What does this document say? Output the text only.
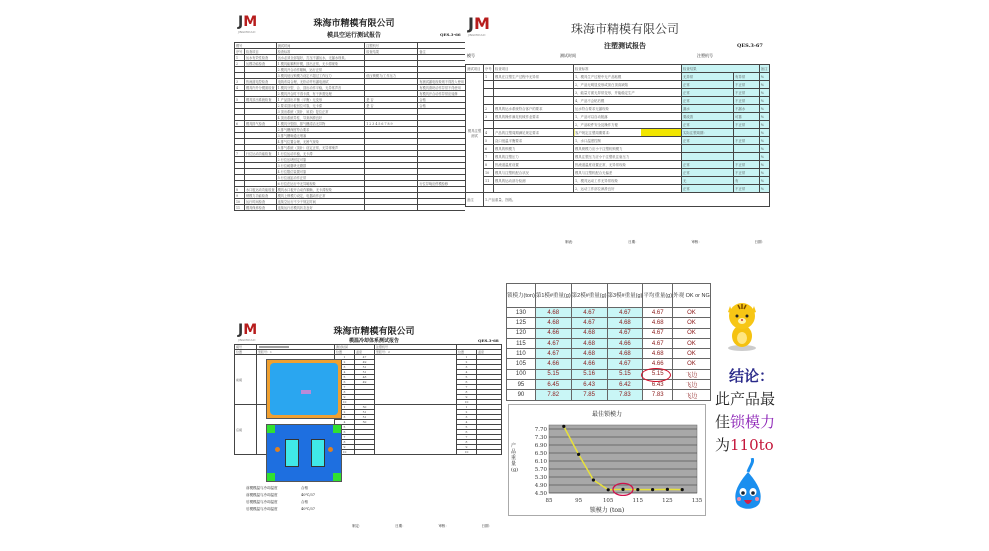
JM
JINGMOULD
珠海市精模有限公司
模具空运行测试报告	QES.3-66
模号		测试时间	注塑机号	
序号	检查项目	检查标准	检查结果	备注
1	运水有效性检查	运水必须全部接好，打压不漏运水，无漏水现象。		
2	运模功能检查	1 模具能顺利开模，顶出正常，无卡滞现象		
		2 模具开合动作顺畅，运行正常		
		3 模具低压锁模力设定不超过工作压力	低压锁模力/工作压力	
3	热流道电控检查	电线布局合理，无松动并有漏电测试		有测试漏电现象则不得投入使用
4	模具内外分模面检查	1 模具分型、合、顶出动作平稳，无异常声音		有模具滑块动作异常不得使用
		2 模具开合时不得卡滞，有干涉需处理		有模具开合动作异常应返修
5	模具顶出系统检查	1 产品顶出平衡（平衡）无变形	是 否	合格
		2 要求顶针板回位可靠，无卡滞	是 否	合格
		3 顶出系统（顶针、斜顶）复位正常		
		4 顶出系统导柱、导套润滑良好		
6	模具排气检查	1 模具分型面、排气槽清洁无异物	1 2 3 4 5 6 7 8 9	
		2 排气槽深度符合要求		
		3 排气槽畅通无堵塞		
		4 排气位置合理，无困气现象		
		5 排气系统（顶针）设定正常，无异常噪声		
7	行位运动功能检查	1 行位运动平稳，无卡滞		
		2 行位压块固定可靠		
		3 行位耐磨块无磨损		
		4 行位限位装置可靠		
		5 行位油缸动作正常		
		6 行位在运行中无异响现象		行位异响应停模检修
8	水口板运动功能检查	模具水口板开合动作顺畅，无卡滞现象		
9	锁模力功能检查	模具上锁模力设定，电器动作正常		
10	运行时间检查	连续空运行不少于规定时间		
11	模具保养检查	连续运行后模具状态良好		
JM
JINGMOULD	珠海市精模有限公司
注塑测试报告	QES.3-67
模号	测试时间	注塑机号
测试项目	序号	检查项目	检查标准	检查结果		备注
模具注塑测试	1	模具在注塑生产过程中无异常	1、模具生产过程中无产品粘模	无异常	有异常	%
			2、产品无明显变形或顶白顶高缺陷	正常	不正常	%
			3、能量方面无异常变形，并能稳定生产	正常	不正常	%
			4、产品不会粘后模	正常	不正常	%
	2	模具的运水系统符合客户的要求	运水符合要求无漏现象	漏水	不漏水	%
	3	模具的操作满足机械作业要求	1、产品可以自动脱落	要改善	可靠	%
			2、产品取件安全及操作方便	正常	不正常	%
	4	产品的注塑周期满足规定要求	客户规定注塑周期要求：	实际注塑周期：		%
	5	浇口低温平衡要求	1、水口温度控制	正常	不正常	%
	6	模具的锁模力	模具锁模力应小于注塑机锁模力			%
	7	模具的注塑压力	模具注塑压力应小于注塑机注射压力			%
	8	热流道温度设置	热流道温度设置正常，无异常现象	正常	不正常	%
	10	模具与注塑机配合状况	模具与注塑机配合无偏差	正常	不正常	%
	11	模具的运动部分检测	1、模具运动工作无异常现象	无	有	%
			2、运动工作部位润滑良好	正常	不正常	%
备注	1.产品重量、图纸。					
制表：	日期：	审核：	日期：
JM
JINGMOULD
珠海市精模有限公司
模温冷却体系测试报告	QES.3-68
模号		测试时间		注塑机号		
位置	型腔号：1	位置	温度	型腔号：2	位置	温度
前模		1	47		1	
		2	49		2	
		3	51		3	
		4	51		4	
		5	48		5	
		6	49		6	
		7			7	
		8			8	
		9			9	
		10			10	
后模		1	50		1	
		2	51		2	
		3	51		3	
		4	50		4	
		5			5	
		6			6	
		7			7	
		8			8	
		9			9	
		10			10	
前模模温与冷却温度	合格
前模模温与冷却温度	40℃/37
后模模温与冷却温度	合格
后模模温与冷却温度	40℃/37
制定：	日期：	审核：	日期：
锁模力(ton)	第1模#重量(g)	第2模#重量(g)	第3模#重量(g)	平均重量(g)	外观 OK or NG
130	4.68	4.67	4.67	4.67	OK
125	4.68	4.67	4.68	4.68	OK
120	4.66	4.68	4.67	4.67	OK
115	4.67	4.68	4.66	4.67	OK
110	4.67	4.68	4.68	4.68	OK
105	4.66	4.66	4.67	4.66	OK
100	5.15	5.16	5.15	5.15	飞边
95	6.45	6.43	6.42	6.43	飞边
90	7.82	7.85	7.83	7.83	飞边
最佳锁模力
产品重量 (g)
4.50
4.90
5.30
5.70
6.10
6.50
6.90
7.30
7.70
85	95	105	115	125	135
锁模力 (ton)
结论：
此产品最
佳锁模力
为110to
